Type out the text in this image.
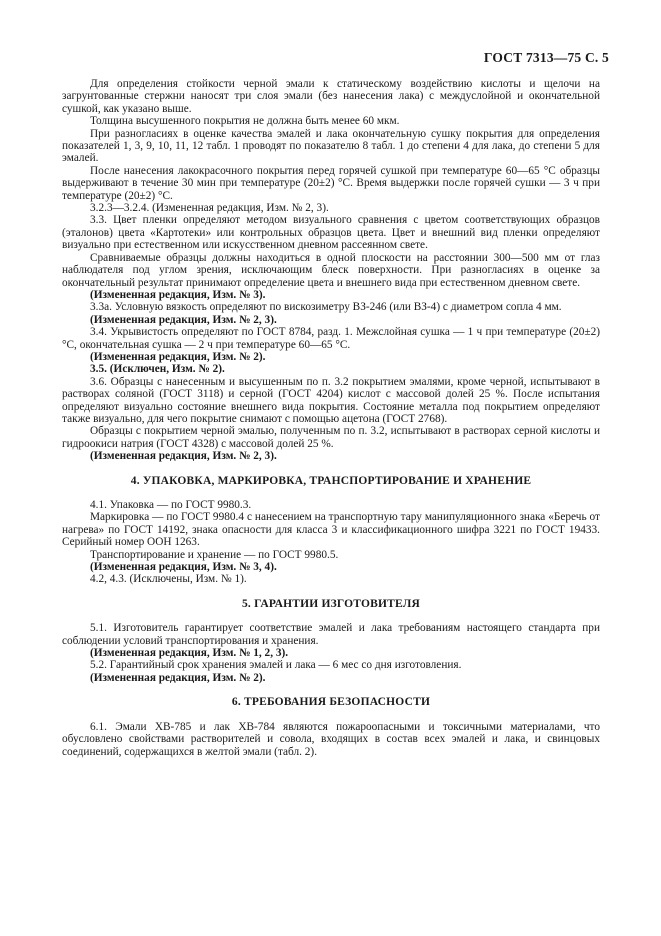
ГОСТ 7313—75 С. 5

Для определения стойкости черной эмали к статическому воздействию кислоты и щелочи на загрунтованные стержни наносят три слоя эмали (без нанесения лака) с междуслойной и окончательной сушкой, как указано выше.

Толщина высушенного покрытия не должна быть менее 60 мкм.

При разногласиях в оценке качества эмалей и лака окончательную сушку покрытия для определения показателей 1, 3, 9, 10, 11, 12 табл. 1 проводят по показателю 8 табл. 1 до степени 4 для лака, до степени 5 для эмалей.

После нанесения лакокрасочного покрытия перед горячей сушкой при температуре 60—65 °С образцы выдерживают в течение 30 мин при температуре (20±2) °С. Время выдержки после горячей сушки — 3 ч при температуре (20±2) °С.

3.2.3—3.2.4. (Измененная редакция, Изм. № 2, 3).

3.3. Цвет пленки определяют методом визуального сравнения с цветом соответствующих образцов (эталонов) цвета «Картотеки» или контрольных образцов цвета. Цвет и внешний вид пленки определяют визуально при естественном или искусственном дневном рассеянном свете.

Сравниваемые образцы должны находиться в одной плоскости на расстоянии 300—500 мм от глаз наблюдателя под углом зрения, исключающим блеск поверхности. При разногласиях в оценке за окончательный результат принимают определение цвета и внешнего вида при естественном дневном свете.

(Измененная редакция, Изм. № 3).

3.3а. Условную вязкость определяют по вискозиметру ВЗ-246 (или ВЗ-4) с диаметром сопла 4 мм.

(Измененная редакция, Изм. № 2, 3).

3.4. Укрывистость определяют по ГОСТ 8784, разд. 1. Межслойная сушка — 1 ч при температуре (20±2) °С, окончательная сушка — 2 ч при температуре 60—65 °С.

(Измененная редакция, Изм. № 2).

3.5. (Исключен, Изм. № 2).

3.6. Образцы с нанесенным и высушенным по п. 3.2 покрытием эмалями, кроме черной, испытывают в растворах соляной (ГОСТ 3118) и серной (ГОСТ 4204) кислот с массовой долей 25 %. После испытания определяют визуально состояние внешнего вида покрытия. Состояние металла под покрытием определяют также визуально, для чего покрытие снимают с помощью ацетона (ГОСТ 2768).

Образцы с покрытием черной эмалью, полученным по п. 3.2, испытывают в растворах серной кислоты и гидроокиси натрия (ГОСТ 4328) с массовой долей 25 %.

(Измененная редакция, Изм. № 2, 3).

4. УПАКОВКА, МАРКИРОВКА, ТРАНСПОРТИРОВАНИЕ И ХРАНЕНИЕ

4.1. Упаковка — по ГОСТ 9980.3.

Маркировка — по ГОСТ 9980.4 с нанесением на транспортную тару манипуляционного знака «Беречь от нагрева» по ГОСТ 14192, знака опасности для класса 3 и классификационного шифра 3221 по ГОСТ 19433. Серийный номер ООН 1263.

Транспортирование и хранение — по ГОСТ 9980.5.

(Измененная редакция, Изм. № 3, 4).

4.2, 4.3. (Исключены, Изм. № 1).

5. ГАРАНТИИ ИЗГОТОВИТЕЛЯ

5.1. Изготовитель гарантирует соответствие эмалей и лака требованиям настоящего стандарта при соблюдении условий транспортирования и хранения.

(Измененная редакция, Изм. № 1, 2, 3).

5.2. Гарантийный срок хранения эмалей и лака — 6 мес со дня изготовления.

(Измененная редакция, Изм. № 2).

6. ТРЕБОВАНИЯ БЕЗОПАСНОСТИ

6.1. Эмали ХВ-785 и лак ХВ-784 являются пожароопасными и токсичными материалами, что обусловлено свойствами растворителей и совола, входящих в состав всех эмалей и лака, и свинцовых соединений, содержащихся в желтой эмали (табл. 2).
